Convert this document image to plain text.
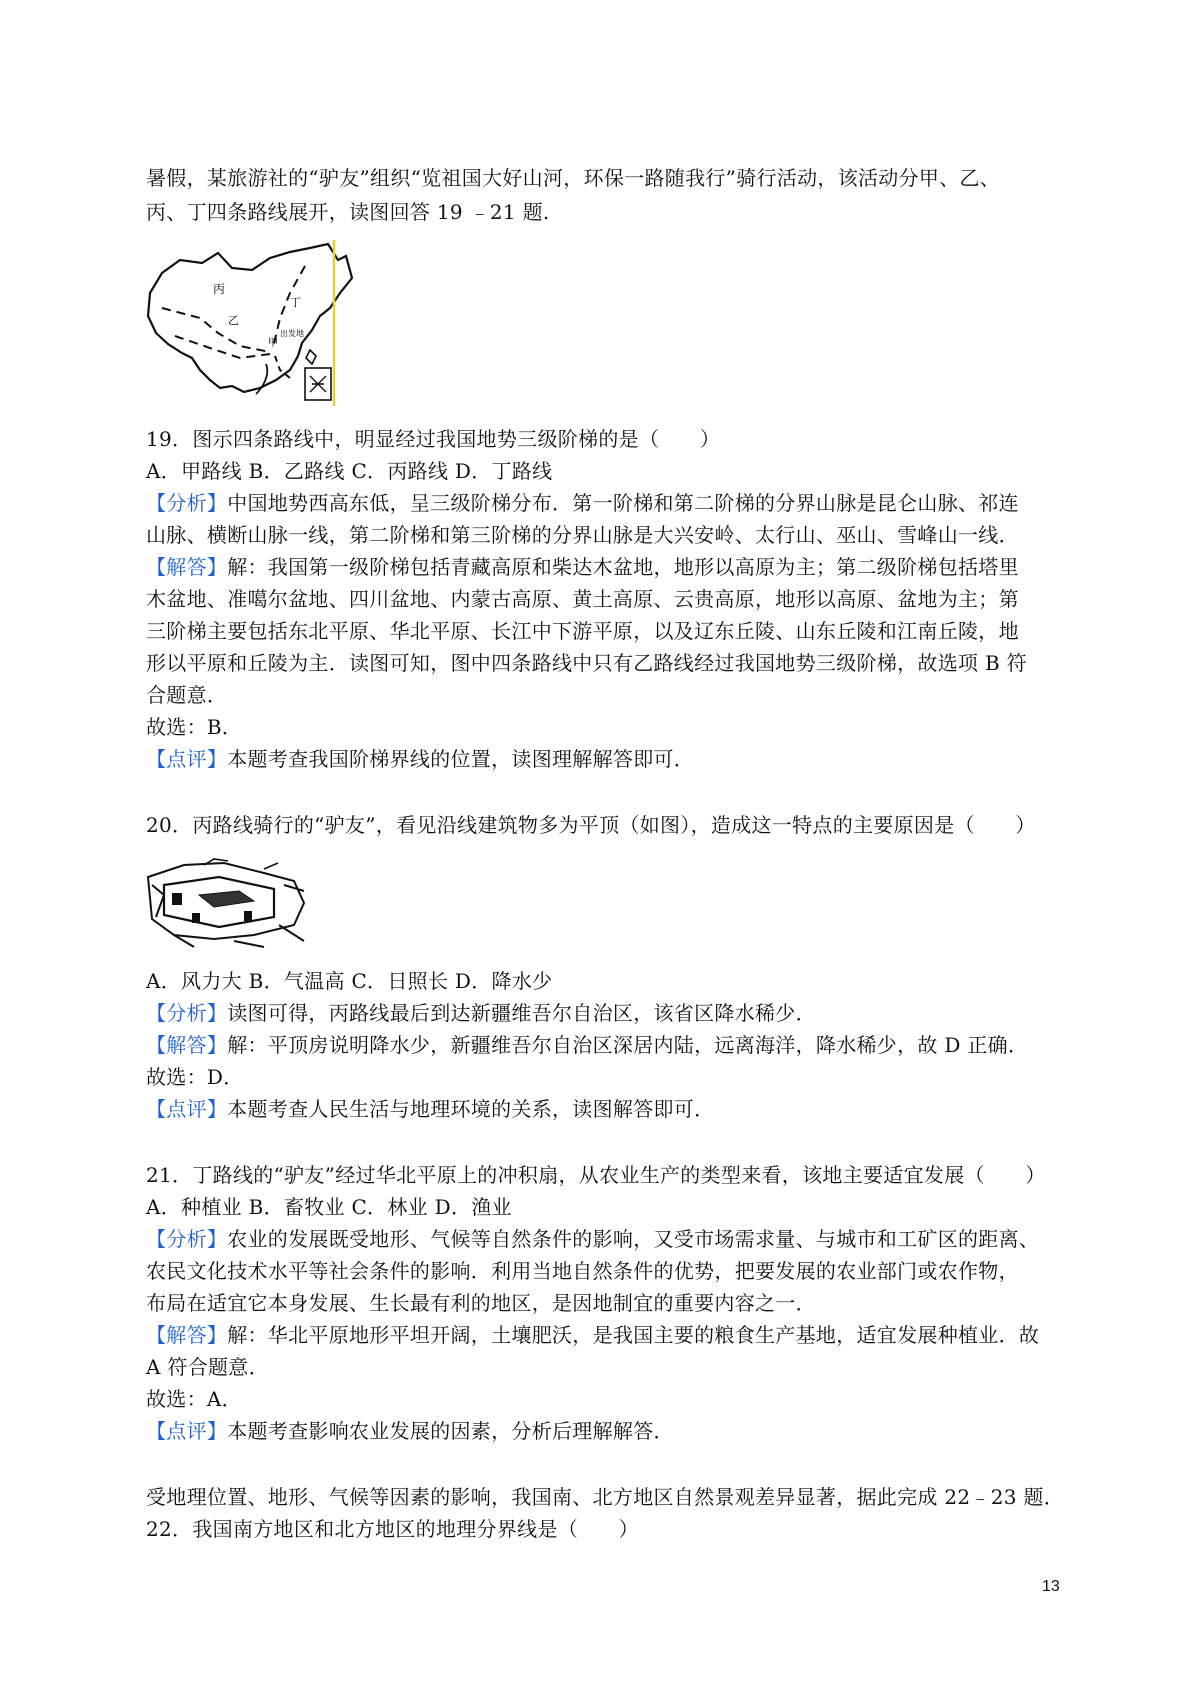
暑假，某旅游社的“驴友”组织“览祖国大好山河，环保一路随我行”骑行活动，该活动分甲、乙、
丙、丁四条路线展开，读图回答 19 ﹣21 题.
丙
乙
丁
甲
出发地
19．图示四条路线中，明显经过我国地势三级阶梯的是（　　）
A．甲路线 B．乙路线 C．丙路线 D．丁路线
【分析】中国地势西高东低，呈三级阶梯分布．第一阶梯和第二阶梯的分界山脉是昆仑山脉、祁连
山脉、横断山脉一线，第二阶梯和第三阶梯的分界山脉是大兴安岭、太行山、巫山、雪峰山一线．
【解答】解：我国第一级阶梯包括青藏高原和柴达木盆地，地形以高原为主；第二级阶梯包括塔里
木盆地、准噶尔盆地、四川盆地、内蒙古高原、黄土高原、云贵高原，地形以高原、盆地为主；第
三阶梯主要包括东北平原、华北平原、长江中下游平原，以及辽东丘陵、山东丘陵和江南丘陵，地
形以平原和丘陵为主．读图可知，图中四条路线中只有乙路线经过我国地势三级阶梯，故选项 B 符
合题意．
故选：B．
【点评】本题考查我国阶梯界线的位置，读图理解解答即可．
20．丙路线骑行的“驴友”，看见沿线建筑物多为平顶（如图），造成这一特点的主要原因是（　　）
A．风力大 B．气温高 C．日照长 D．降水少
【分析】读图可得，丙路线最后到达新疆维吾尔自治区，该省区降水稀少．
【解答】解：平顶房说明降水少，新疆维吾尔自治区深居内陆，远离海洋，降水稀少，故 D 正确．
故选：D．
【点评】本题考查人民生活与地理环境的关系，读图解答即可．
21．丁路线的“驴友”经过华北平原上的冲积扇，从农业生产的类型来看，该地主要适宜发展（　　）
A．种植业 B．畜牧业 C．林业 D．渔业
【分析】农业的发展既受地形、气候等自然条件的影响，又受市场需求量、与城市和工矿区的距离、
农民文化技术水平等社会条件的影响．利用当地自然条件的优势，把要发展的农业部门或农作物，
布局在适宜它本身发展、生长最有利的地区，是因地制宜的重要内容之一．
【解答】解：华北平原地形平坦开阔，土壤肥沃，是我国主要的粮食生产基地，适宜发展种植业．故
A 符合题意．
故选：A．
【点评】本题考查影响农业发展的因素，分析后理解解答．
受地理位置、地形、气候等因素的影响，我国南、北方地区自然景观差异显著，据此完成 22﹣23 题．
22．我国南方地区和北方地区的地理分界线是（　　）
13
